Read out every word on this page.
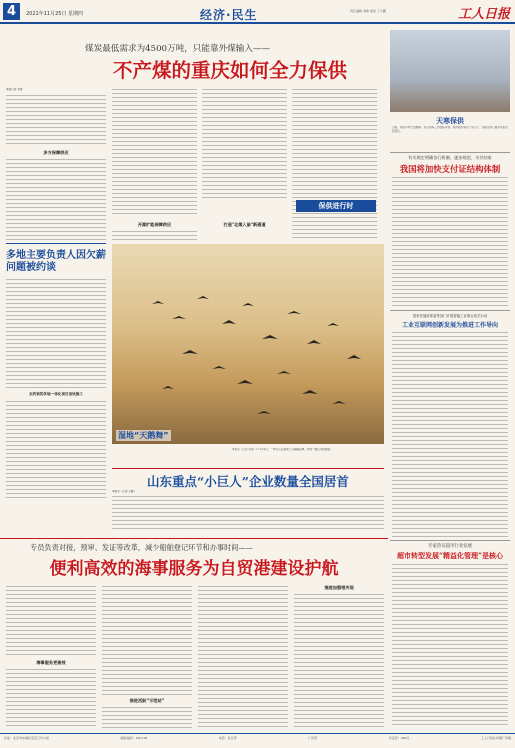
4	2021年11月25日 星期四	经济·民生	责任编辑 刘津 视觉 丁小鹏	工人日报
煤炭最低需求为4500万吨，只能靠外煤输入——
不产煤的重庆如何全力保供
本报记者 李国
多方保障供应
开源扩能保障供应	打造"北煤入渝"新通道
保供进行时
天寒保供
当前，我国多地气温骤降，民生保障工作面临考验。保供稳价事关千家万户，各地各部门要切实担负起责任。
有关规定明确各行机制，逐步规范、支付结束
我国将加快支付证结构体制
多地主要负责人因欠薪问题被约谈
去约谈的多地一体化项目加快施工
湿地“天鹅舞”
本报讯（记者 李国）11月24日，一群鸟儿在湿地上空翩翩起舞，构成一幅生动的画面。
山东重点“小巨人”企业数量全国居首
本报讯（记者 王鹏）
国家发展改革委等部门开展智能工业联合攻关行动
工业互联网创新发展为推进工作导向
专员负责对接，预审、发证等改革，减少船舶登记环节和办事时间——
便利高效的海事服务为自贸港建设护航
海事服务更高效
推进活跃“示范站”
推进加强相关现
专家热议超市行业发展
超市转型发展“精益化管理”是核心
社址：北京市东城区安定门外大街	邮政编码：100718	电话：发行部	广告部	年定价：480元	工人日报社印刷厂印刷
